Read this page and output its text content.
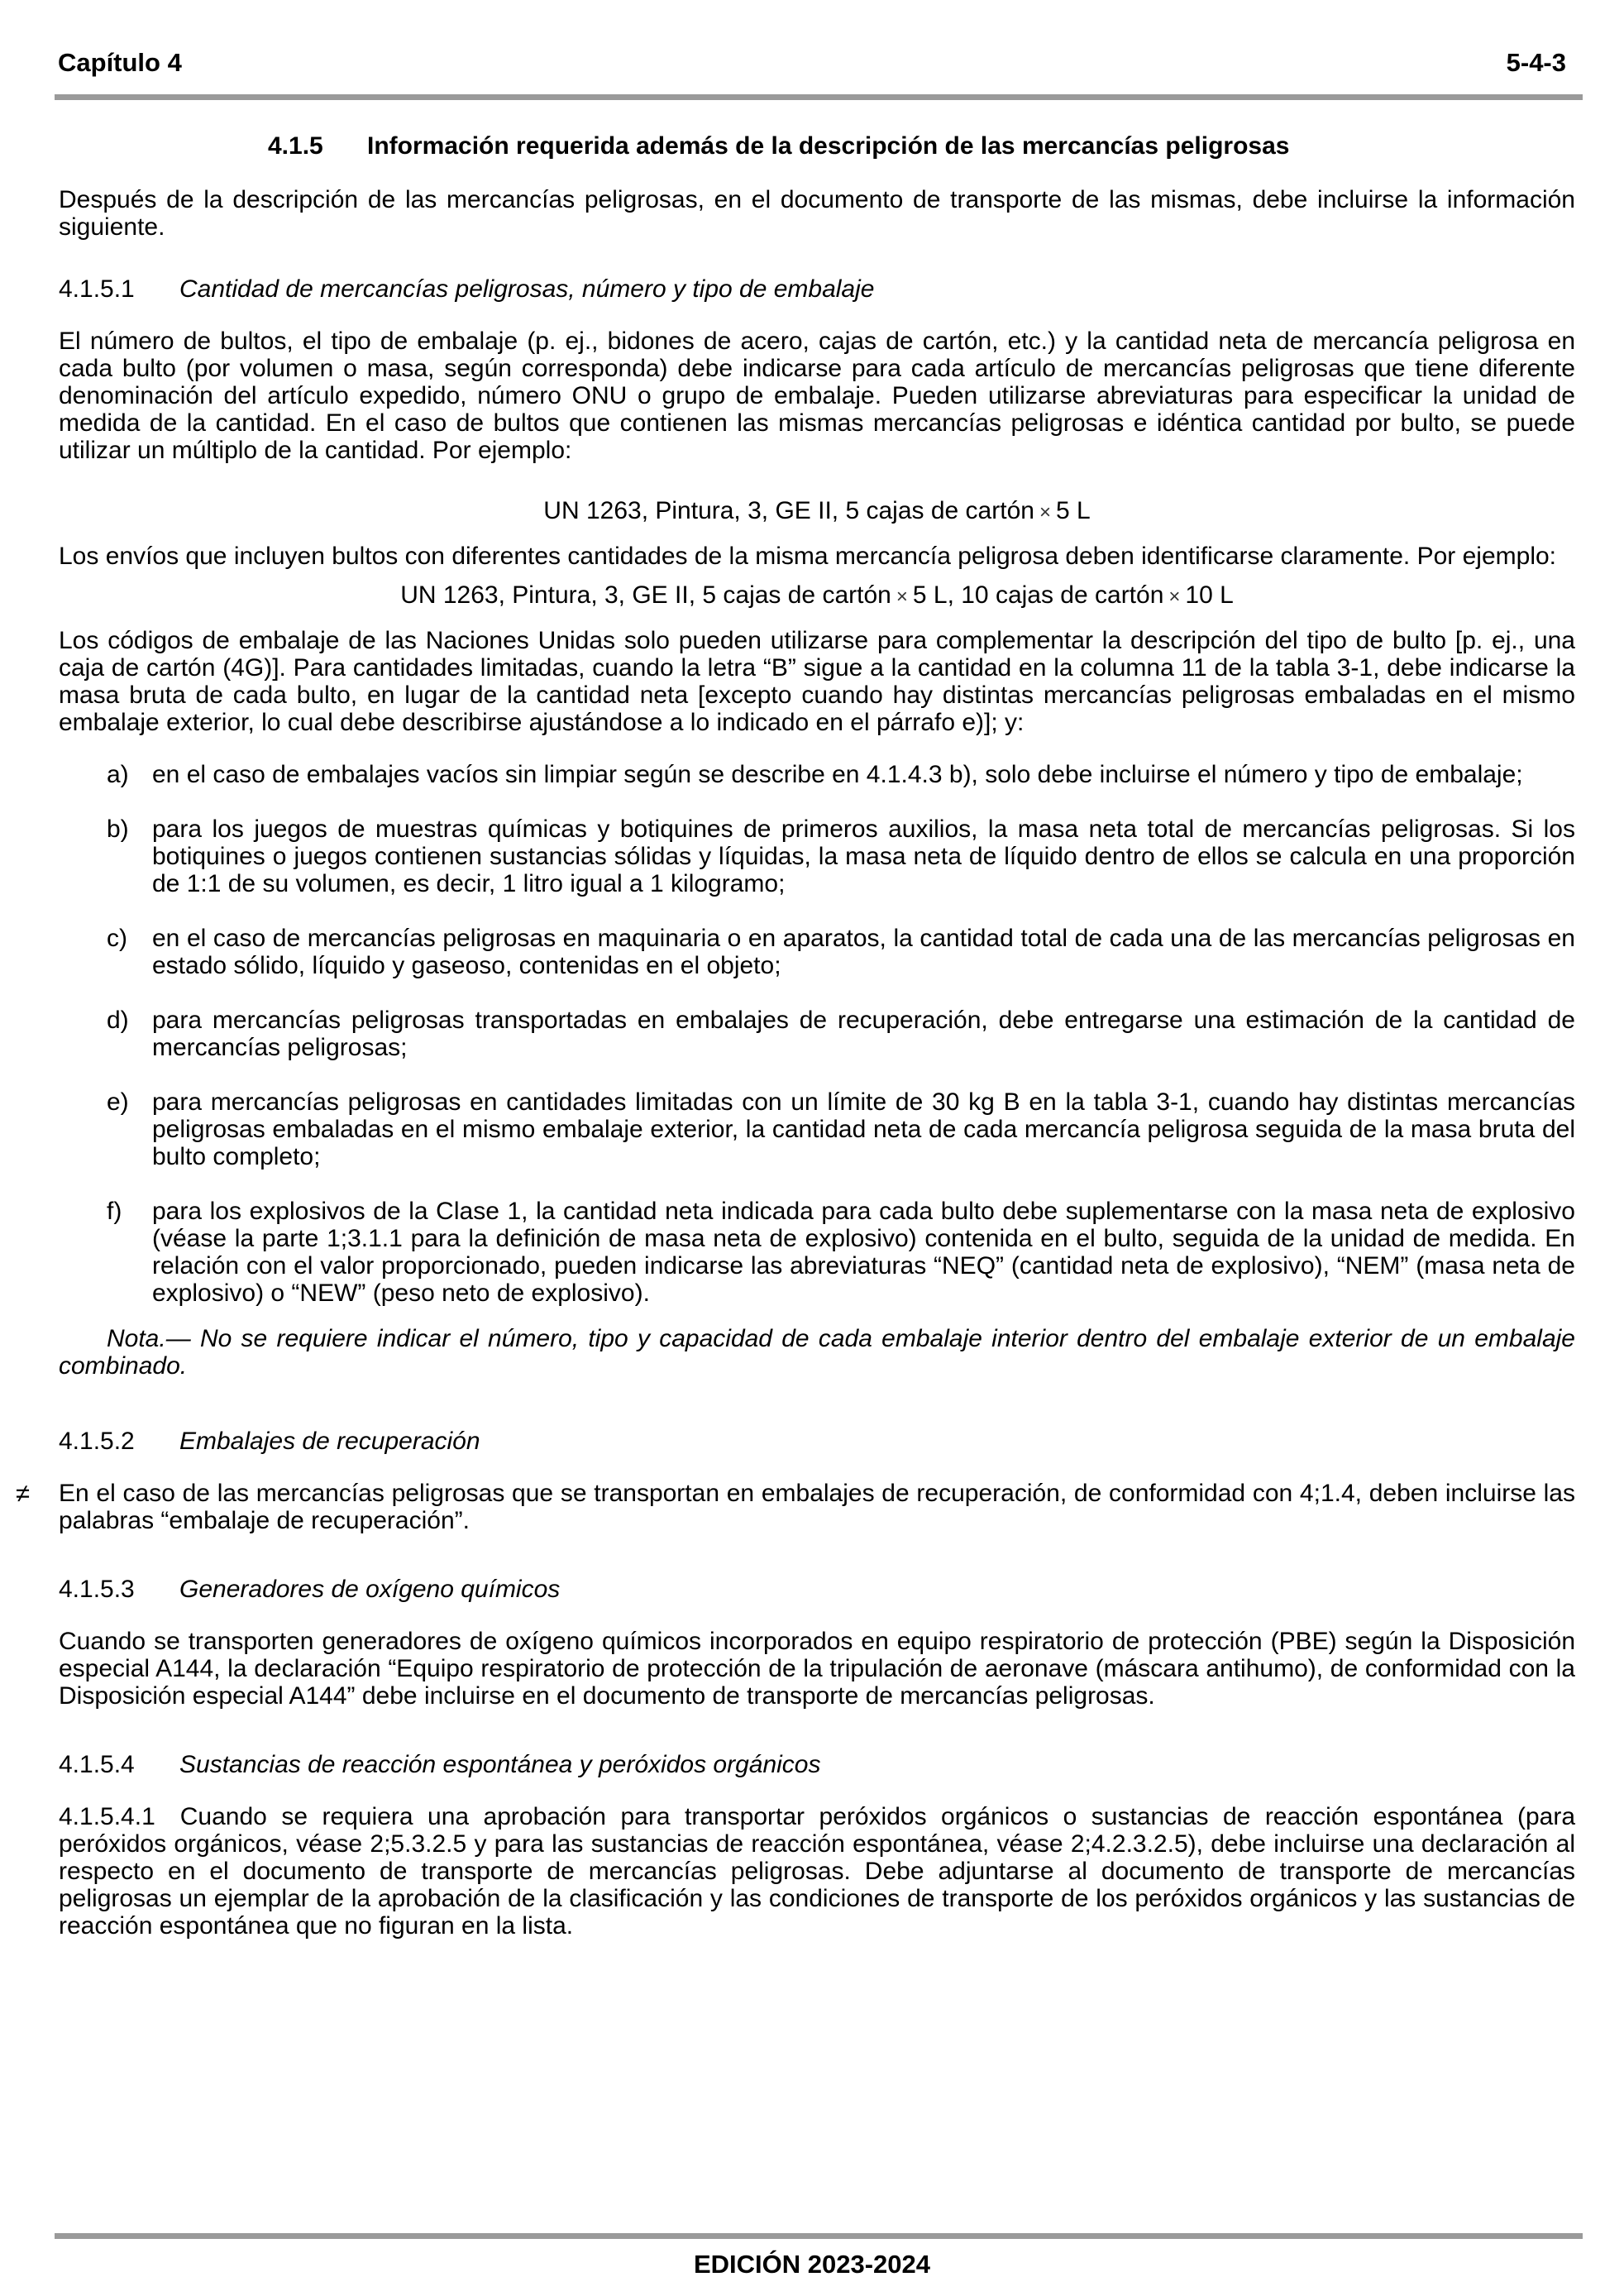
Capítulo 4	5-4-3

4.1.5 Información requerida además de la descripción de las mercancías peligrosas

Después de la descripción de las mercancías peligrosas, en el documento de transporte de las mismas, debe incluirse la información siguiente.

4.1.5.1 Cantidad de mercancías peligrosas, número y tipo de embalaje

El número de bultos, el tipo de embalaje (p. ej., bidones de acero, cajas de cartón, etc.) y la cantidad neta de mercancía peligrosa en cada bulto (por volumen o masa, según corresponda) debe indicarse para cada artículo de mercancías peligrosas que tiene diferente denominación del artículo expedido, número ONU o grupo de embalaje. Pueden utilizarse abreviaturas para especificar la unidad de medida de la cantidad. En el caso de bultos que contienen las mismas mercancías peligrosas e idéntica cantidad por bulto, se puede utilizar un múltiplo de la cantidad. Por ejemplo:

UN 1263, Pintura, 3, GE II, 5 cajas de cartón × 5 L

Los envíos que incluyen bultos con diferentes cantidades de la misma mercancía peligrosa deben identificarse claramente. Por ejemplo:

UN 1263, Pintura, 3, GE II, 5 cajas de cartón × 5 L, 10 cajas de cartón × 10 L

Los códigos de embalaje de las Naciones Unidas solo pueden utilizarse para complementar la descripción del tipo de bulto [p. ej., una caja de cartón (4G)]. Para cantidades limitadas, cuando la letra “B” sigue a la cantidad en la columna 11 de la tabla 3-1, debe indicarse la masa bruta de cada bulto, en lugar de la cantidad neta [excepto cuando hay distintas mercancías peligrosas embaladas en el mismo embalaje exterior, lo cual debe describirse ajustándose a lo indicado en el párrafo e)]; y:

a) en el caso de embalajes vacíos sin limpiar según se describe en 4.1.4.3 b), solo debe incluirse el número y tipo de embalaje;
b) para los juegos de muestras químicas y botiquines de primeros auxilios, la masa neta total de mercancías peligrosas. Si los botiquines o juegos contienen sustancias sólidas y líquidas, la masa neta de líquido dentro de ellos se calcula en una proporción de 1:1 de su volumen, es decir, 1 litro igual a 1 kilogramo;
c) en el caso de mercancías peligrosas en maquinaria o en aparatos, la cantidad total de cada una de las mercancías peligrosas en estado sólido, líquido y gaseoso, contenidas en el objeto;
d) para mercancías peligrosas transportadas en embalajes de recuperación, debe entregarse una estimación de la cantidad de mercancías peligrosas;
e) para mercancías peligrosas en cantidades limitadas con un límite de 30 kg B en la tabla 3-1, cuando hay distintas mercancías peligrosas embaladas en el mismo embalaje exterior, la cantidad neta de cada mercancía peligrosa seguida de la masa bruta del bulto completo;
f) para los explosivos de la Clase 1, la cantidad neta indicada para cada bulto debe suplementarse con la masa neta de explosivo (véase la parte 1;3.1.1 para la definición de masa neta de explosivo) contenida en el bulto, seguida de la unidad de medida. En relación con el valor proporcionado, pueden indicarse las abreviaturas “NEQ” (cantidad neta de explosivo), “NEM” (masa neta de explosivo) o “NEW” (peso neto de explosivo).

Nota.— No se requiere indicar el número, tipo y capacidad de cada embalaje interior dentro del embalaje exterior de un embalaje combinado.

4.1.5.2 Embalajes de recuperación

≠ En el caso de las mercancías peligrosas que se transportan en embalajes de recuperación, de conformidad con 4;1.4, deben incluirse las palabras “embalaje de recuperación”.

4.1.5.3 Generadores de oxígeno químicos

Cuando se transporten generadores de oxígeno químicos incorporados en equipo respiratorio de protección (PBE) según la Disposición especial A144, la declaración “Equipo respiratorio de protección de la tripulación de aeronave (máscara antihumo), de conformidad con la Disposición especial A144” debe incluirse en el documento de transporte de mercancías peligrosas.

4.1.5.4 Sustancias de reacción espontánea y peróxidos orgánicos

4.1.5.4.1 Cuando se requiera una aprobación para transportar peróxidos orgánicos o sustancias de reacción espontánea (para peróxidos orgánicos, véase 2;5.3.2.5 y para las sustancias de reacción espontánea, véase 2;4.2.3.2.5), debe incluirse una declaración al respecto en el documento de transporte de mercancías peligrosas. Debe adjuntarse al documento de transporte de mercancías peligrosas un ejemplar de la aprobación de la clasificación y las condiciones de transporte de los peróxidos orgánicos y las sustancias de reacción espontánea que no figuran en la lista.

EDICIÓN 2023-2024
